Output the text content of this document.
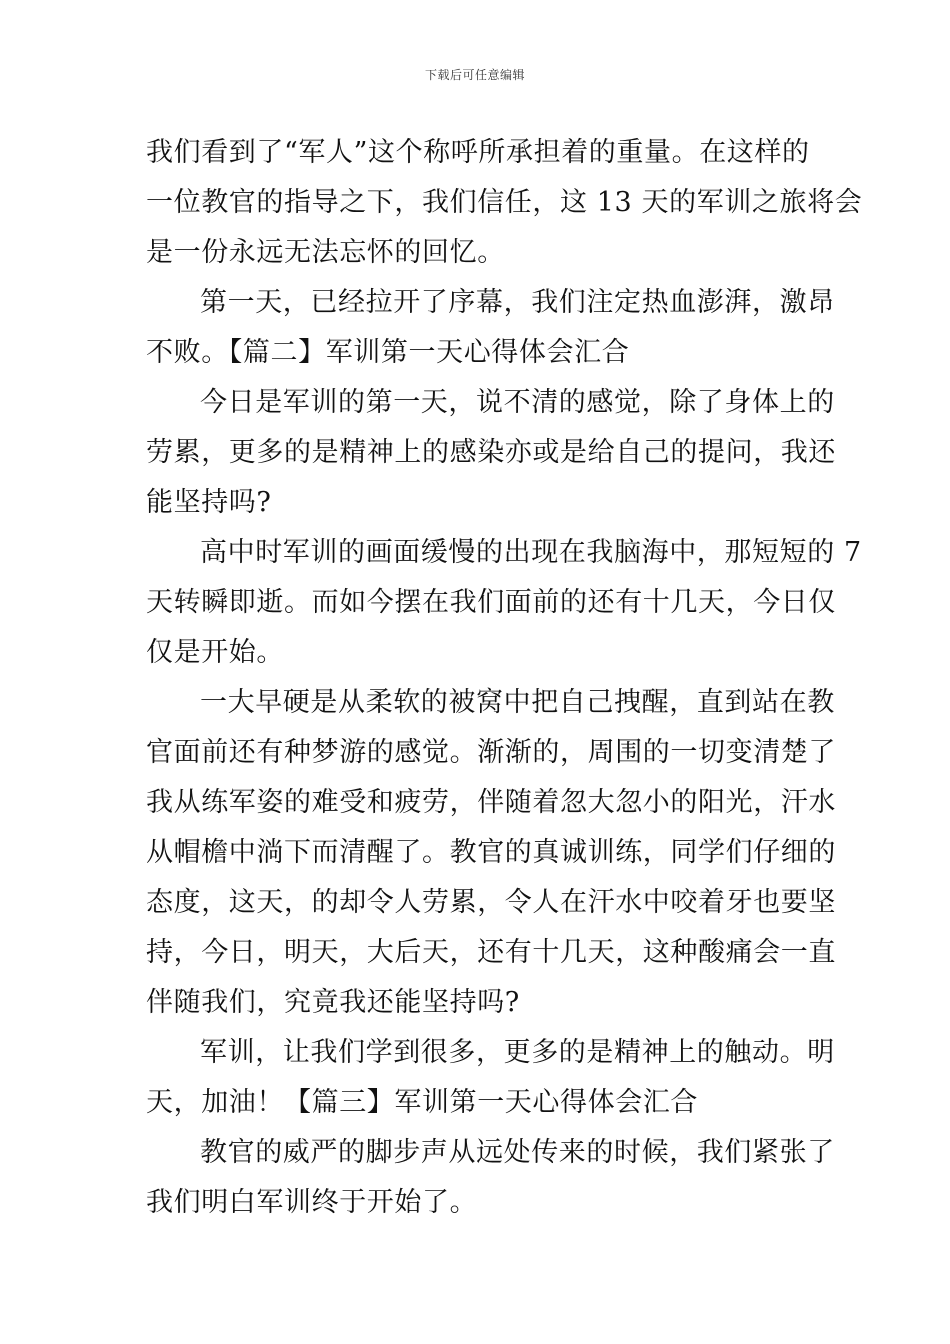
下载后可任意编辑
我们看到了“军人”这个称呼所承担着的重量。在这样的
一位教官的指导之下，我们信任，这 13 天的军训之旅将会
是一份永远无法忘怀的回忆。
第一天，已经拉开了序幕，我们注定热血澎湃，激昂
不败。【篇二】军训第一天心得体会汇合
今日是军训的第一天，说不清的感觉，除了身体上的
劳累，更多的是精神上的感染亦或是给自己的提问，我还
能坚持吗?
高中时军训的画面缓慢的出现在我脑海中，那短短的 7
天转瞬即逝。而如今摆在我们面前的还有十几天，今日仅
仅是开始。
一大早硬是从柔软的被窝中把自己拽醒，直到站在教
官面前还有种梦游的感觉。渐渐的，周围的一切变清楚了
我从练军姿的难受和疲劳，伴随着忽大忽小的阳光，汗水
从帽檐中淌下而清醒了。教官的真诚训练，同学们仔细的
态度，这天，的却令人劳累，令人在汗水中咬着牙也要坚
持，今日，明天，大后天，还有十几天，这种酸痛会一直
伴随我们，究竟我还能坚持吗?
军训，让我们学到很多，更多的是精神上的触动。明
天，加油！【篇三】军训第一天心得体会汇合
教官的威严的脚步声从远处传来的时候，我们紧张了
我们明白军训终于开始了。
